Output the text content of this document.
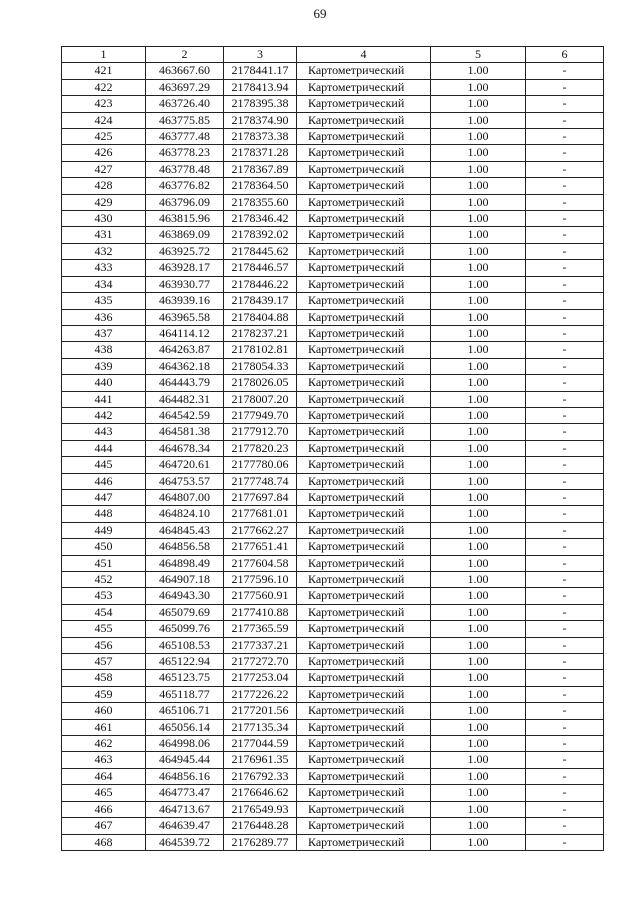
69
1	2	3	4	5	6
421	463667.60	2178441.17	Картометрический	1.00	-
422	463697.29	2178413.94	Картометрический	1.00	-
423	463726.40	2178395.38	Картометрический	1.00	-
424	463775.85	2178374.90	Картометрический	1.00	-
425	463777.48	2178373.38	Картометрический	1.00	-
426	463778.23	2178371.28	Картометрический	1.00	-
427	463778.48	2178367.89	Картометрический	1.00	-
428	463776.82	2178364.50	Картометрический	1.00	-
429	463796.09	2178355.60	Картометрический	1.00	-
430	463815.96	2178346.42	Картометрический	1.00	-
431	463869.09	2178392.02	Картометрический	1.00	-
432	463925.72	2178445.62	Картометрический	1.00	-
433	463928.17	2178446.57	Картометрический	1.00	-
434	463930.77	2178446.22	Картометрический	1.00	-
435	463939.16	2178439.17	Картометрический	1.00	-
436	463965.58	2178404.88	Картометрический	1.00	-
437	464114.12	2178237.21	Картометрический	1.00	-
438	464263.87	2178102.81	Картометрический	1.00	-
439	464362.18	2178054.33	Картометрический	1.00	-
440	464443.79	2178026.05	Картометрический	1.00	-
441	464482.31	2178007.20	Картометрический	1.00	-
442	464542.59	2177949.70	Картометрический	1.00	-
443	464581.38	2177912.70	Картометрический	1.00	-
444	464678.34	2177820.23	Картометрический	1.00	-
445	464720.61	2177780.06	Картометрический	1.00	-
446	464753.57	2177748.74	Картометрический	1.00	-
447	464807.00	2177697.84	Картометрический	1.00	-
448	464824.10	2177681.01	Картометрический	1.00	-
449	464845.43	2177662.27	Картометрический	1.00	-
450	464856.58	2177651.41	Картометрический	1.00	-
451	464898.49	2177604.58	Картометрический	1.00	-
452	464907.18	2177596.10	Картометрический	1.00	-
453	464943.30	2177560.91	Картометрический	1.00	-
454	465079.69	2177410.88	Картометрический	1.00	-
455	465099.76	2177365.59	Картометрический	1.00	-
456	465108.53	2177337.21	Картометрический	1.00	-
457	465122.94	2177272.70	Картометрический	1.00	-
458	465123.75	2177253.04	Картометрический	1.00	-
459	465118.77	2177226.22	Картометрический	1.00	-
460	465106.71	2177201.56	Картометрический	1.00	-
461	465056.14	2177135.34	Картометрический	1.00	-
462	464998.06	2177044.59	Картометрический	1.00	-
463	464945.44	2176961.35	Картометрический	1.00	-
464	464856.16	2176792.33	Картометрический	1.00	-
465	464773.47	2176646.62	Картометрический	1.00	-
466	464713.67	2176549.93	Картометрический	1.00	-
467	464639.47	2176448.28	Картометрический	1.00	-
468	464539.72	2176289.77	Картометрический	1.00	-
